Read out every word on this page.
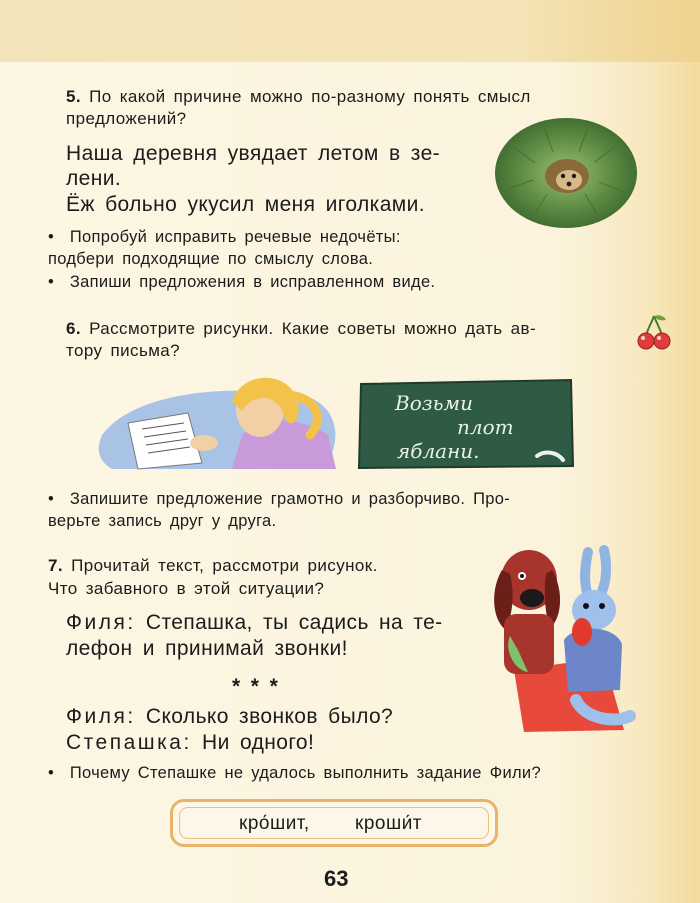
5. По какой причине можно по-разному понять смысл
предложений?
Наша деревня увядает летом в зе-
лени.
Ёж больно укусил меня иголками.
• Попробуй исправить речевые недочёты:
подбери подходящие по смыслу слова.
• Запиши предложения в исправленном виде.
6. Рассмотрите рисунки. Какие советы можно дать ав-
тору письма?
Возьми
плот
яблани.
• Запишите предложение грамотно и разборчиво. Про-
верьте запись друг у друга.
7. Прочитай текст, рассмотри рисунок.
Что забавного в этой ситуации?
Филя: Степашка, ты садись на те-
лефон и принимай звонки!
* * *
Филя: Сколько звонков было?
Степашка: Ни одного!
• Почему Степашке не удалось выполнить задание Фили?
кро́шит, кроши́т
63
